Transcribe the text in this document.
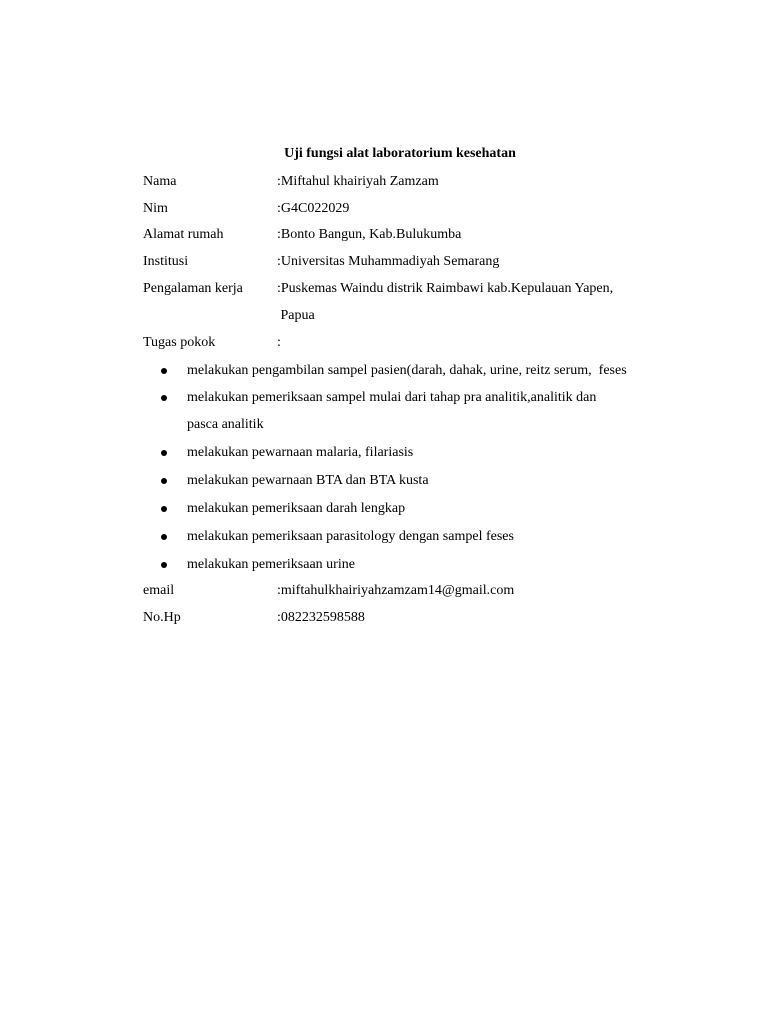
Uji fungsi alat laboratorium kesehatan
Nama	:Miftahul khairiyah Zamzam
Nim	:G4C022029
Alamat rumah	:Bonto Bangun, Kab.Bulukumba
Institusi	:Universitas Muhammadiyah Semarang
Pengalaman kerja :Puskemas Waindu distrik Raimbawi kab.Kepulauan Yapen,
Papua
Tugas pokok	:
melakukan pengambilan sampel pasien(darah, dahak, urine, reitz serum,  feses
melakukan pemeriksaan sampel mulai dari tahap pra analitik,analitik dan
pasca analitik
melakukan pewarnaan malaria, filariasis
melakukan pewarnaan BTA dan BTA kusta
melakukan pemeriksaan darah lengkap
melakukan pemeriksaan parasitology dengan sampel feses
melakukan pemeriksaan urine
email	:miftahulkhairiyahzamzam14@gmail.com
No.Hp	:082232598588
